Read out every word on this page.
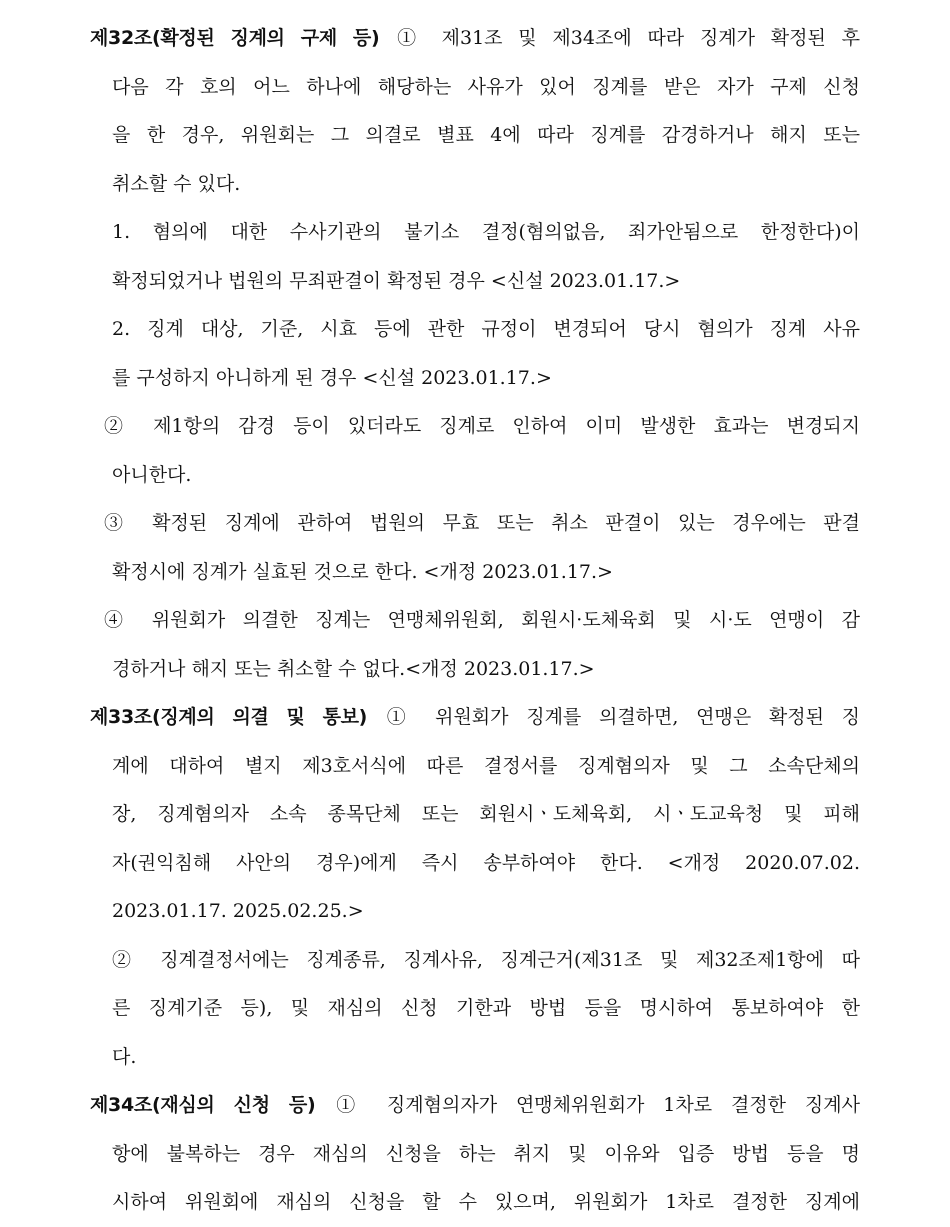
제32조(확정된 징계의 구제 등) ① 제31조 및 제34조에 따라 징계가 확정된 후
다음 각 호의 어느 하나에 해당하는 사유가 있어 징계를 받은 자가 구제 신청
을 한 경우, 위원회는 그 의결로 별표 4에 따라 징계를 감경하거나 해지 또는
취소할 수 있다.
1. 혐의에 대한 수사기관의 불기소 결정(혐의없음, 죄가안됨으로 한정한다)이
확정되었거나 법원의 무죄판결이 확정된 경우 <신설 2023.01.17.>
2. 징계 대상, 기준, 시효 등에 관한 규정이 변경되어 당시 혐의가 징계 사유
를 구성하지 아니하게 된 경우 <신설 2023.01.17.>
② 제1항의 감경 등이 있더라도 징계로 인하여 이미 발생한 효과는 변경되지
아니한다.
③ 확정된 징계에 관하여 법원의 무효 또는 취소 판결이 있는 경우에는 판결
확정시에 징계가 실효된 것으로 한다. <개정 2023.01.17.>
④ 위원회가 의결한 징계는 연맹체위원회, 회원시·도체육회 및 시·도 연맹이 감
경하거나 해지 또는 취소할 수 없다.<개정 2023.01.17.>
제33조(징계의 의결 및 통보) ① 위원회가 징계를 의결하면, 연맹은 확정된 징
계에 대하여 별지 제3호서식에 따른 결정서를 징계혐의자 및 그 소속단체의
장, 징계혐의자 소속 종목단체 또는 회원시ㆍ도체육회, 시ㆍ도교육청 및 피해
자(권익침해 사안의 경우)에게 즉시 송부하여야 한다. <개정 2020.07.02.
2023.01.17. 2025.02.25.>
② 징계결정서에는 징계종류, 징계사유, 징계근거(제31조 및 제32조제1항에 따
른 징계기준 등), 및 재심의 신청 기한과 방법 등을 명시하여 통보하여야 한
다.
제34조(재심의 신청 등) ① 징계혐의자가 연맹체위원회가 1차로 결정한 징계사
항에 불복하는 경우 재심의 신청을 하는 취지 및 이유와 입증 방법 등을 명
시하여 위원회에 재심의 신청을 할 수 있으며, 위원회가 1차로 결정한 징계에
